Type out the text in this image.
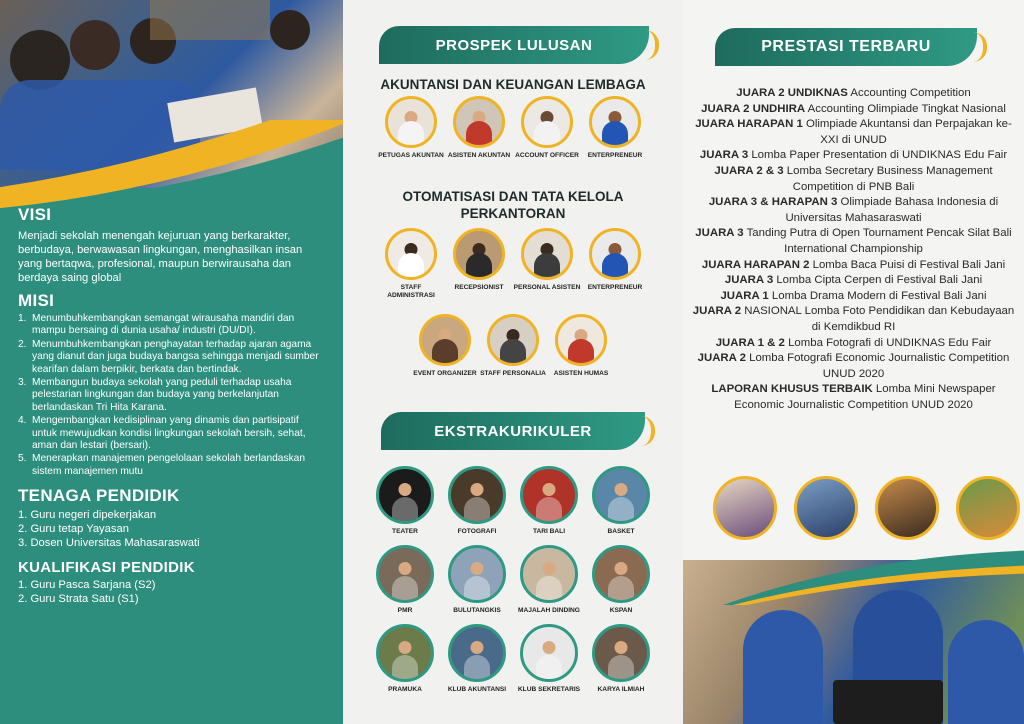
VISI

Menjadi sekolah menengah kejuruan yang berkarakter, berbudaya, berwawasan lingkungan, menghasilkan insan yang bertaqwa, profesional, maupun berwirausaha dan berdaya saing global

MISI
1. Menumbuhkembangkan semangat wirausaha mandiri dan mampu bersaing di dunia usaha/ industri (DU/DI).
2. Menumbuhkembangkan penghayatan terhadap ajaran agama yang dianut dan juga budaya bangsa sehingga menjadi sumber kearifan dalam berpikir, berkata dan bertindak.
3. Membangun budaya sekolah yang peduli terhadap usaha pelestarian lingkungan dan budaya yang berkelanjutan berlandaskan Tri Hita Karana.
4. Mengembangkan kedisiplinan yang dinamis dan partisipatif untuk mewujudkan kondisi lingkungan sekolah bersih, sehat, aman dan lestari (bersari).
5. Menerapkan manajemen pengelolaan sekolah berlandaskan sistem manajemen mutu
TENAGA PENDIDIK
1. Guru negeri dipekerjakan
2. Guru tetap Yayasan
3. Dosen Universitas Mahasaraswati
KUALIFIKASI PENDIDIK
1. Guru Pasca Sarjana (S2)
2. Guru Strata Satu (S1)
PROSPEK LULUSAN
AKUNTANSI DAN KEUANGAN LEMBAGA
PETUGAS AKUNTAN ASISTEN AKUNTAN ACCOUNT OFFICER ENTERPRENEUR
OTOMATISASI DAN TATA KELOLA
PERKANTORAN
STAFF ADMINISTRASI
RECEPSIONIST PERSONAL ASISTEN ENTERPRENEUR
EVENT ORGANIZER STAFF PERSONALIA ASISTEN HUMAS
EKSTRAKURIKULER
TEATER	FOTOGRAFI	TARI BALI	BASKET
PMR	BULUTANGKIS	MAJALAH DINDING	KSPAN
PRAMUKA	KLUB AKUNTANSI KLUB SEKRETARIS	KARYA ILMIAH
PRESTASI TERBARU

JUARA 2 UNDIKNAS Accounting Competition

JUARA 2 UNDHIRA Accounting Olimpiade Tingkat Nasional

JUARA HARAPAN 1 Olimpiade Akuntansi dan Perpajakan ke-XXI di UNUD

JUARA 3 Lomba Paper Presentation di UNDIKNAS Edu Fair

JUARA 2 & 3 Lomba Secretary Business Management Competition di PNB Bali

JUARA 3 & HARAPAN 3 Olimpiade Bahasa Indonesia di Universitas Mahasaraswati

JUARA 3 Tanding Putra di Open Tournament Pencak Silat Bali International Championship

JUARA HARAPAN 2 Lomba Baca Puisi di Festival Bali Jani

JUARA 3 Lomba Cipta Cerpen di Festival Bali Jani

JUARA 1 Lomba Drama Modern di Festival Bali Jani

JUARA 2 NASIONAL Lomba Foto Pendidikan dan Kebudayaan di Kemdikbud RI

JUARA 1 & 2 Lomba Fotografi di UNDIKNAS Edu Fair

JUARA 2 Lomba Fotografi Economic Journalistic Competition UNUD 2020

LAPORAN KHUSUS TERBAIK Lomba Mini Newspaper Economic Journalistic Competition UNUD 2020
